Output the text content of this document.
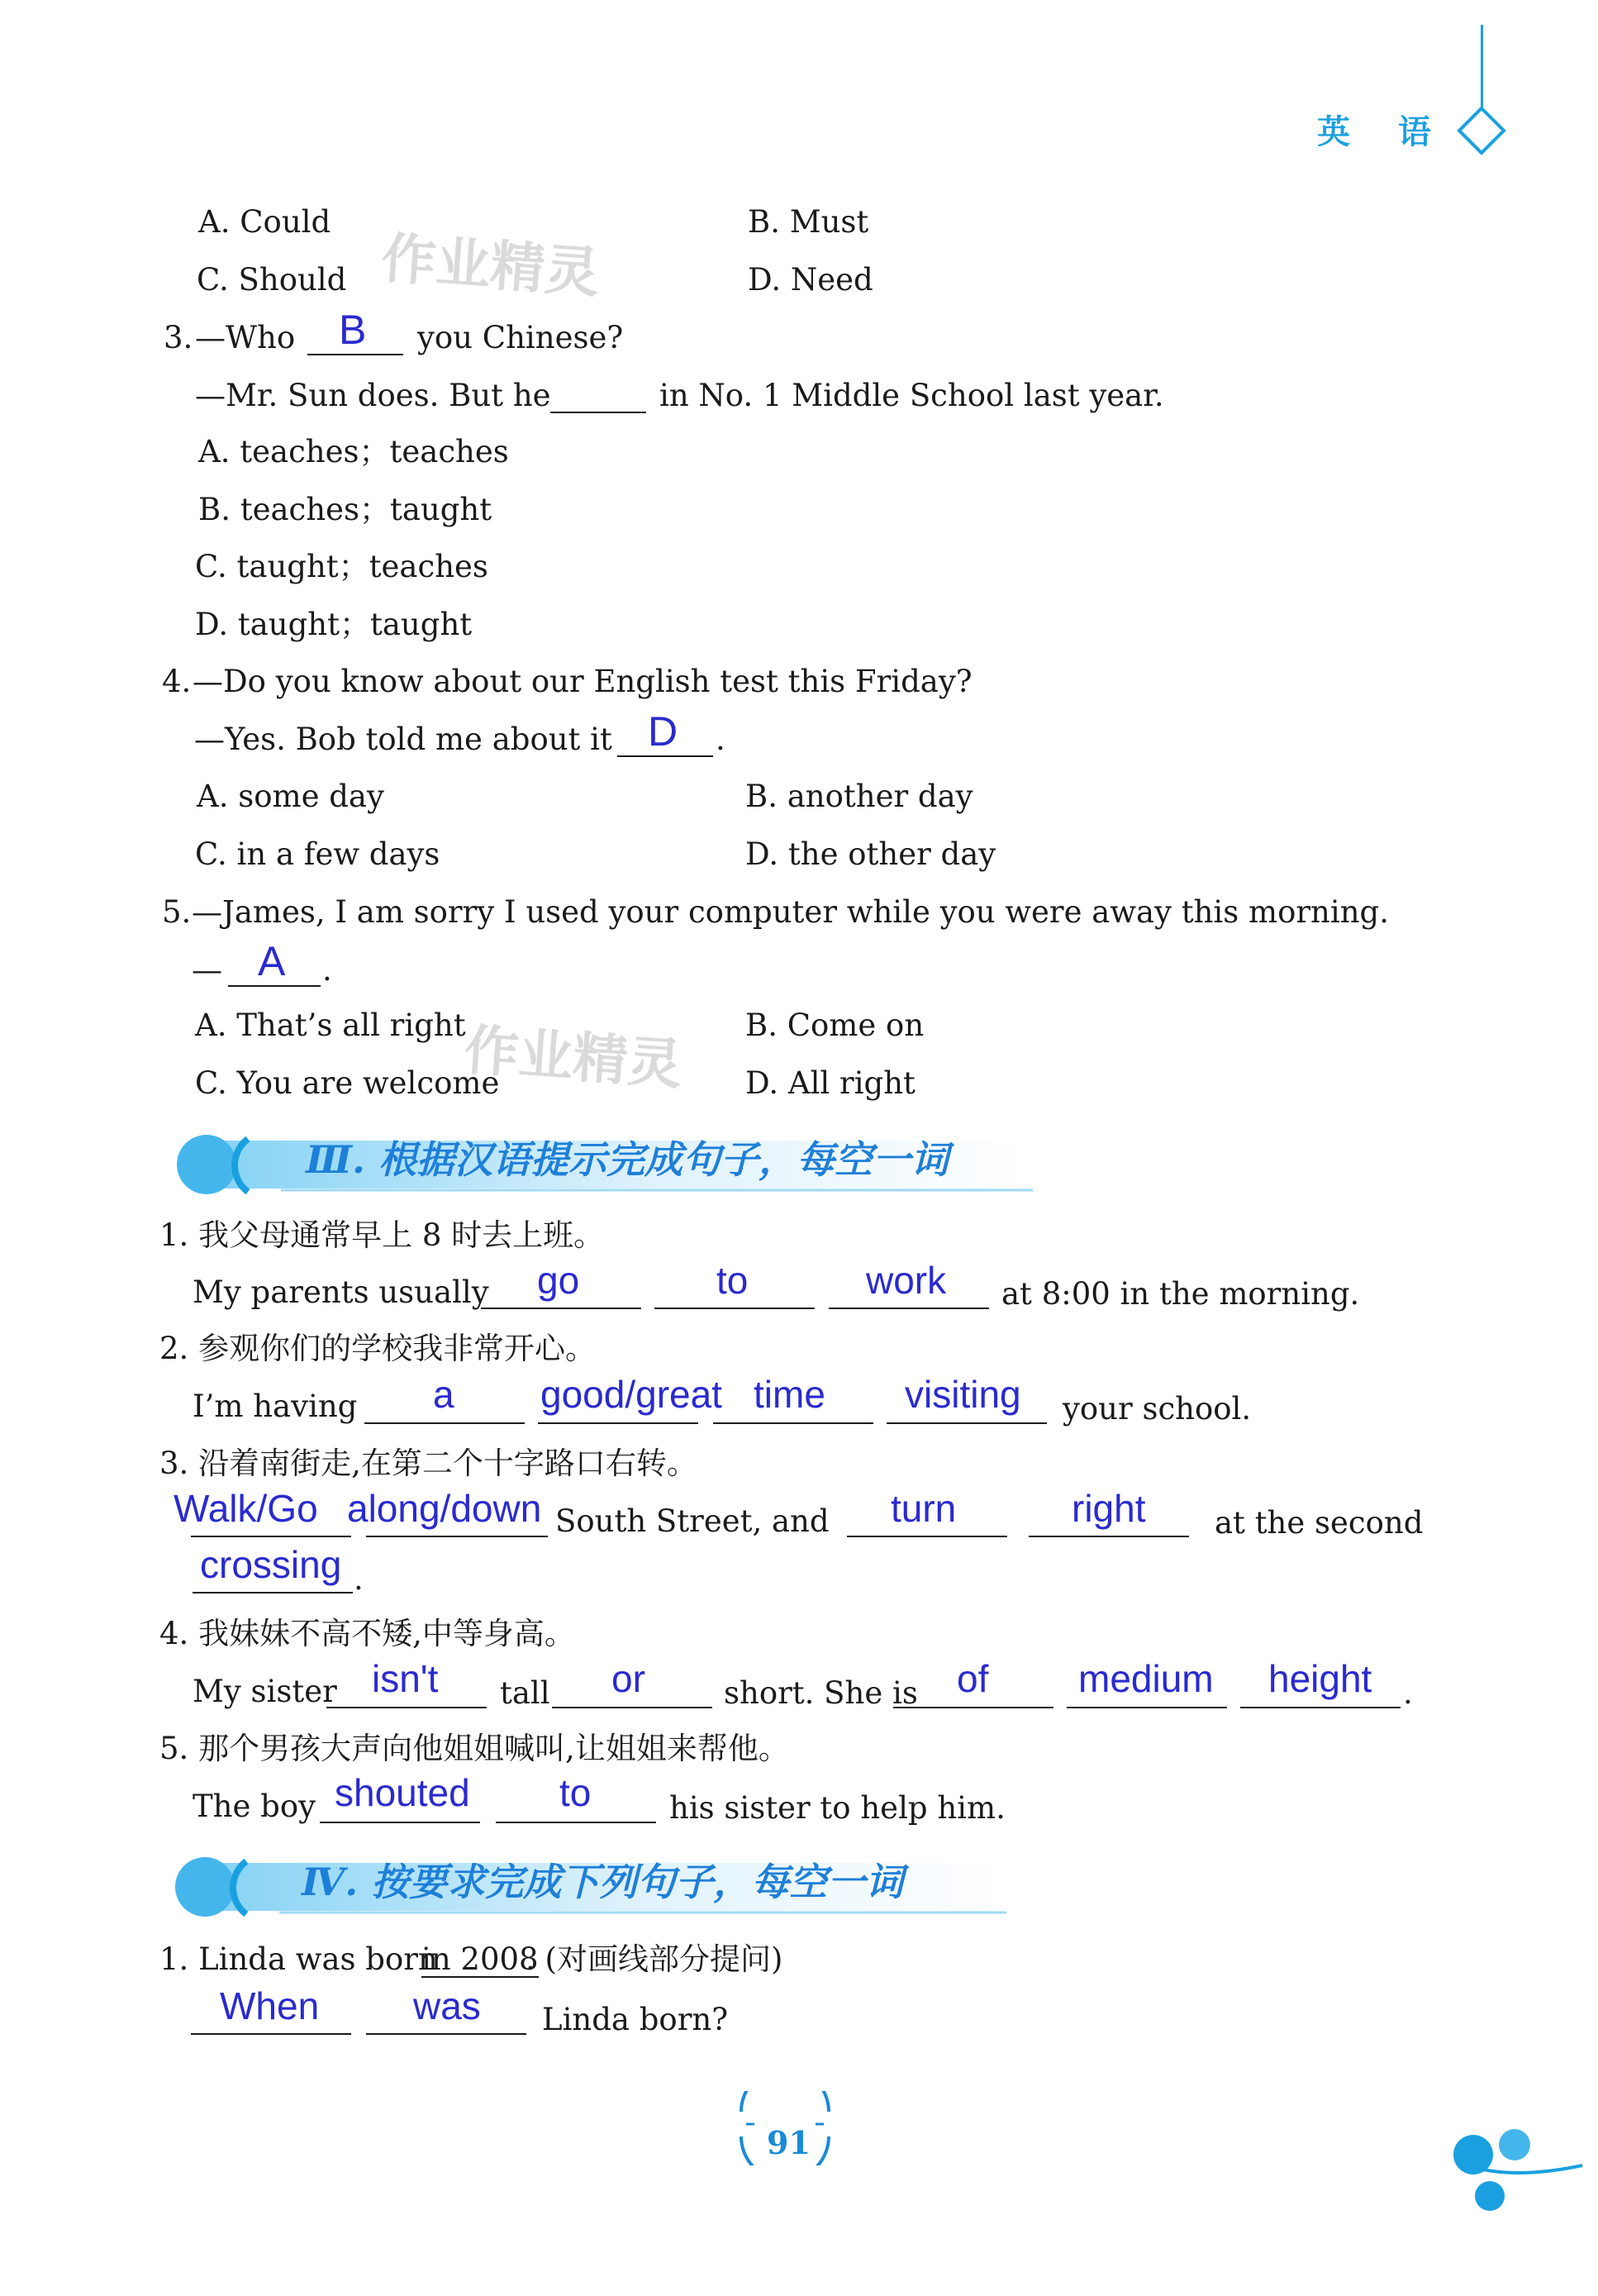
英 语
作业精灵
作业精灵
A. Could	B. Must
C. Should	D. Need
3. —Who B you Chinese?
—Mr. Sun does. But he	in No. 1 Middle School last year.
A. teaches；teaches
B. teaches；taught
C. taught；teaches
D. taught；taught
4. —Do you know about our English test this Friday?
—Yes. Bob told me about it D .
A. some day	B. another day
C. in a few days	D. the other day
5. —James, I am sorry I used your computer while you were away this morning.
— A .
A. That’s all right	B. Come on
C. You are welcome	D. All right
Ⅲ. 根据汉语提示完成句子，每空一词
1. 我父母通常早上 8 时去上班。
My parents usually go	to	work at 8:00 in the morning.
2. 参观你们的学校我非常开心。
I’m having a good/great time visiting your school.
3. 沿着南街走,在第二个十字路口右转。
Walk/Go along/down South Street, and turn	right at the second
crossing .
4. 我妹妹不高不矮,中等身高。
My sister isn't tall or	short. She is of medium height .
5. 那个男孩大声向他姐姐喊叫,让姐姐来帮他。
The boy shouted to	his sister to help him.
Ⅳ. 按要求完成下列句子，每空一词
1. Linda was born
in 2008
. (对画线部分提问)
When was Linda born?
91
